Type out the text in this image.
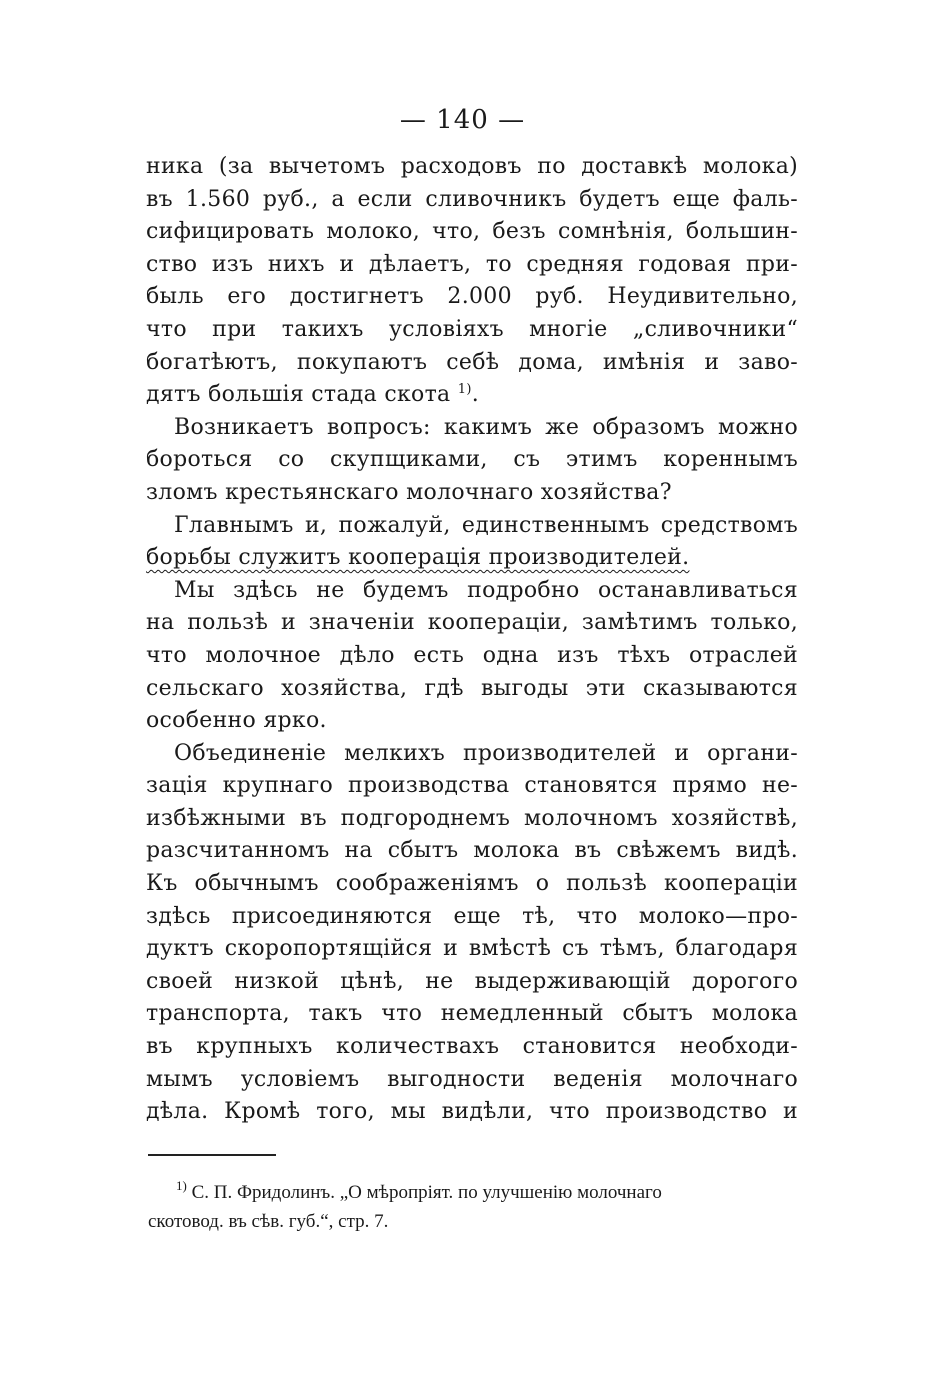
— 140 —
ника (за вычетомъ расходовъ по доставкѣ молока)
въ 1.560 руб., а если сливочникъ будетъ еще фаль-
сифицировать молоко, что, безъ сомнѣнія, большин-
ство изъ нихъ и дѣлаетъ, то средняя годовая при-
быль его достигнетъ 2.000 руб. Неудивительно,
что при такихъ условіяхъ многіе „сливочники“
богатѣютъ, покупаютъ себѣ дома, имѣнія и заво-
дятъ большія стада скота $^{1)}$.
Возникаетъ вопросъ: какимъ же образомъ можно
бороться со скупщиками, съ этимъ кореннымъ
зломъ крестьянскаго молочнаго хозяйства?
Главнымъ и, пожалуй, единственнымъ средствомъ
борьбы служитъ кооперація производителей.
Мы здѣсь не будемъ подробно останавливаться
на пользѣ и значеніи коопераціи, замѣтимъ только,
что молочное дѣло есть одна изъ тѣхъ отраслей
сельскаго хозяйства, гдѣ выгоды эти сказываются
особенно ярко.
Объединеніе мелкихъ производителей и органи-
зація крупнаго производства становятся прямо не-
избѣжными въ подгороднемъ молочномъ хозяйствѣ,
разсчитанномъ на сбытъ молока въ свѣжемъ видѣ.
Къ обычнымъ соображеніямъ о пользѣ коопераціи
здѣсь присоединяются еще тѣ, что молоко—про-
дуктъ скоропортящійся и вмѣстѣ съ тѣмъ, благодаря
своей низкой цѣнѣ, не выдерживающій дорогого
транспорта, такъ что немедленный сбытъ молока
въ крупныхъ количествахъ становится необходи-
мымъ условіемъ выгодности веденія молочнаго
дѣла. Кромѣ того, мы видѣли, что производство и
$^{1)}$ С. П. Фридолинъ. „О мѣропріят. по улучшенію молочнаго
скотовод. въ сѣв. губ.“, стр. 7.
